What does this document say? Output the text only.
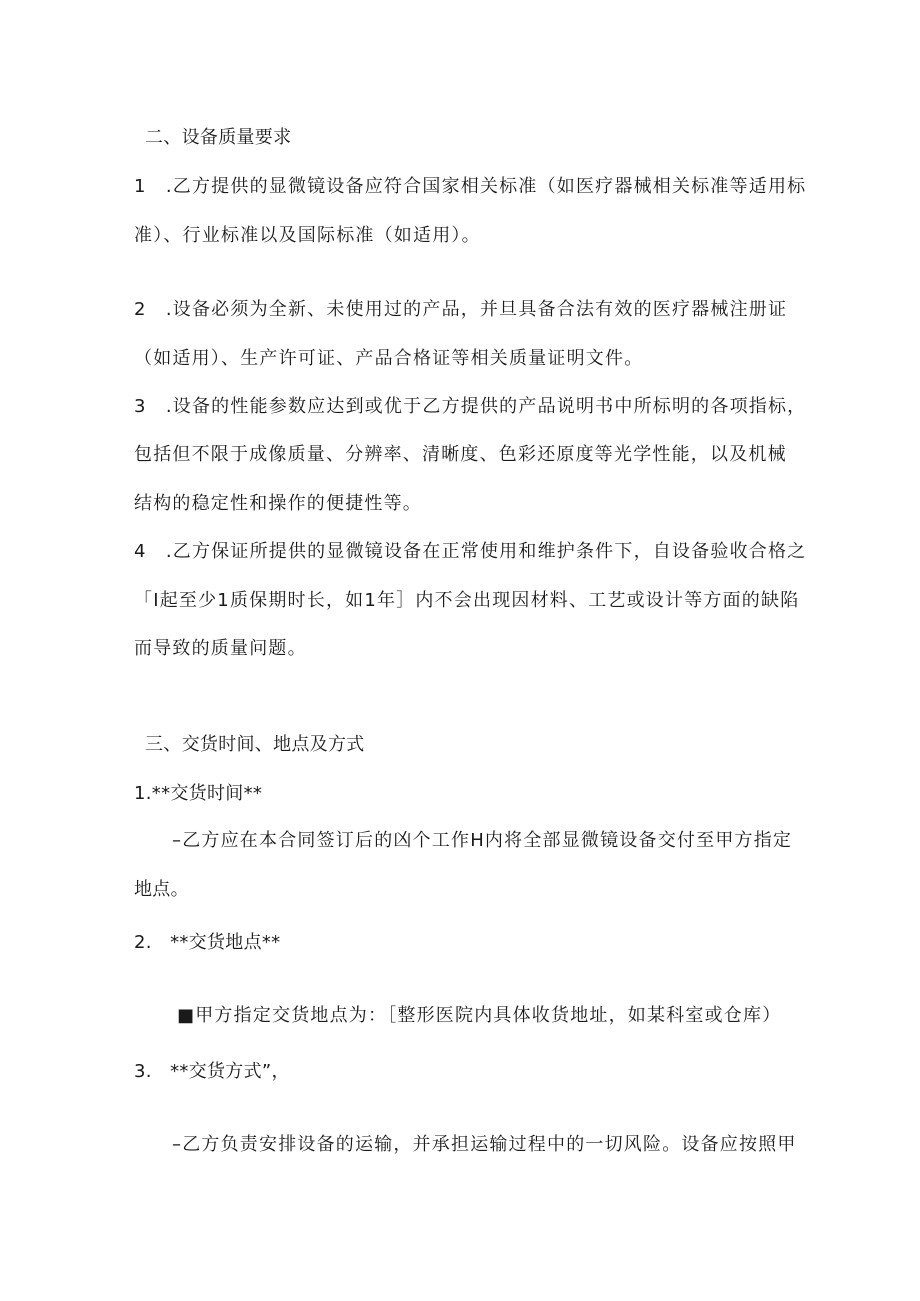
二、设备质量要求
1　.乙方提供的显微镜设备应符合国家相关标准（如医疗器械相关标准等适用标
准）、行业标准以及国际标准（如适用）。
2　.设备必须为全新、未使用过的产品，并旦具备合法有效的医疗器械注册证
（如适用）、生产许可证、产品合格证等相关质量证明文件。
3　.设备的性能参数应达到或优于乙方提供的产品说明书中所标明的各项指标，
包括但不限于成像质量、分辨率、清晰度、色彩还原度等光学性能，以及机械
结构的稳定性和操作的便捷性等。
4　.乙方保证所提供的显微镜设备在正常使用和维护条件下，自设备验收合格之
「I起至少1质保期时长，如1年］内不会出现因材料、工艺或设计等方面的缺陷
而导致的质量问题。
三、交货时间、地点及方式
1.**交货时间**
–乙方应在本合同签订后的凶个工作H内将全部显微镜设备交付至甲方指定
地点。
2.　**交货地点**
■甲方指定交货地点为：［整形医院内具体收货地址，如某科室或仓库）
3.　**交货方式”，
–乙方负责安排设备的运输，并承担运输过程中的一切风险。设备应按照甲
